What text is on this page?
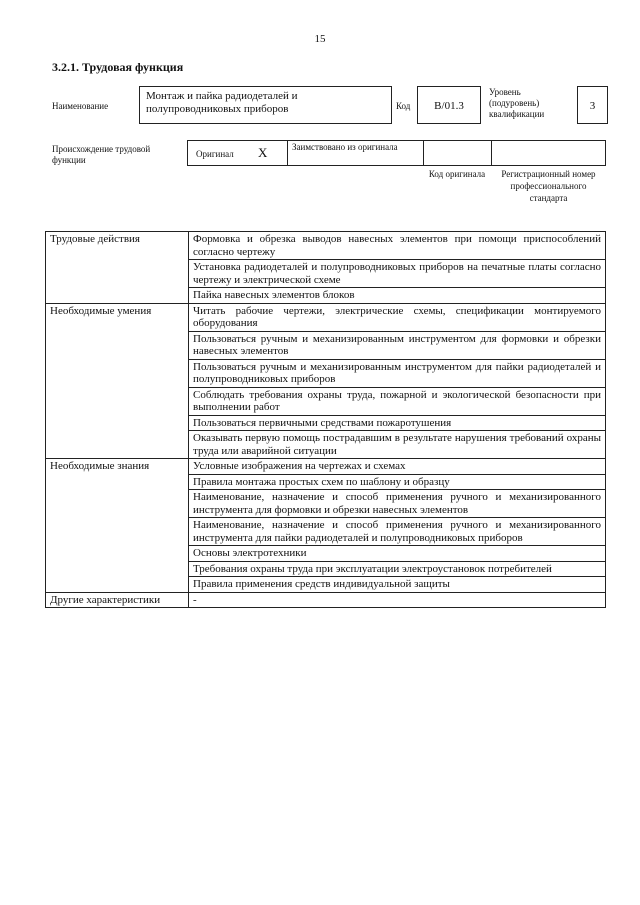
15
3.2.1. Трудовая функция
Наименование
Монтаж и пайка радиодеталей и полупроводниковых приборов	Код	B/01.3
Уровень (подуровень) квалификации
3
Происхождение трудовой функции
Оригинал X	Заимствовано из оригинала
Код оригинала	Регистрационный номер профессионального стандарта
Трудовые действия	Формовка и обрезка выводов навесных элементов при помощи приспособлений согласно чертежу
	Установка радиодеталей и полупроводниковых приборов на печатные платы согласно чертежу и электрической схеме
	Пайка навесных элементов блоков
Необходимые умения	Читать рабочие чертежи, электрические схемы, спецификации монтируемого оборудования
	Пользоваться ручным и механизированным инструментом для формовки и обрезки навесных элементов
	Пользоваться ручным и механизированным инструментом для пайки радиодеталей и полупроводниковых приборов
	Соблюдать требования охраны труда, пожарной и экологической безопасности при выполнении работ
	Пользоваться первичными средствами пожаротушения
	Оказывать первую помощь пострадавшим в результате нарушения требований охраны труда или аварийной ситуации
Необходимые знания	Условные изображения на чертежах и схемах
	Правила монтажа простых схем по шаблону и образцу
	Наименование, назначение и способ применения ручного и механизированного инструмента для формовки и обрезки навесных элементов
	Наименование, назначение и способ применения ручного и механизированного инструмента для пайки радиодеталей и полупроводниковых приборов
	Основы электротехники
	Требования охраны труда при эксплуатации электроустановок потребителей
	Правила применения средств индивидуальной защиты
Другие характеристики	-
